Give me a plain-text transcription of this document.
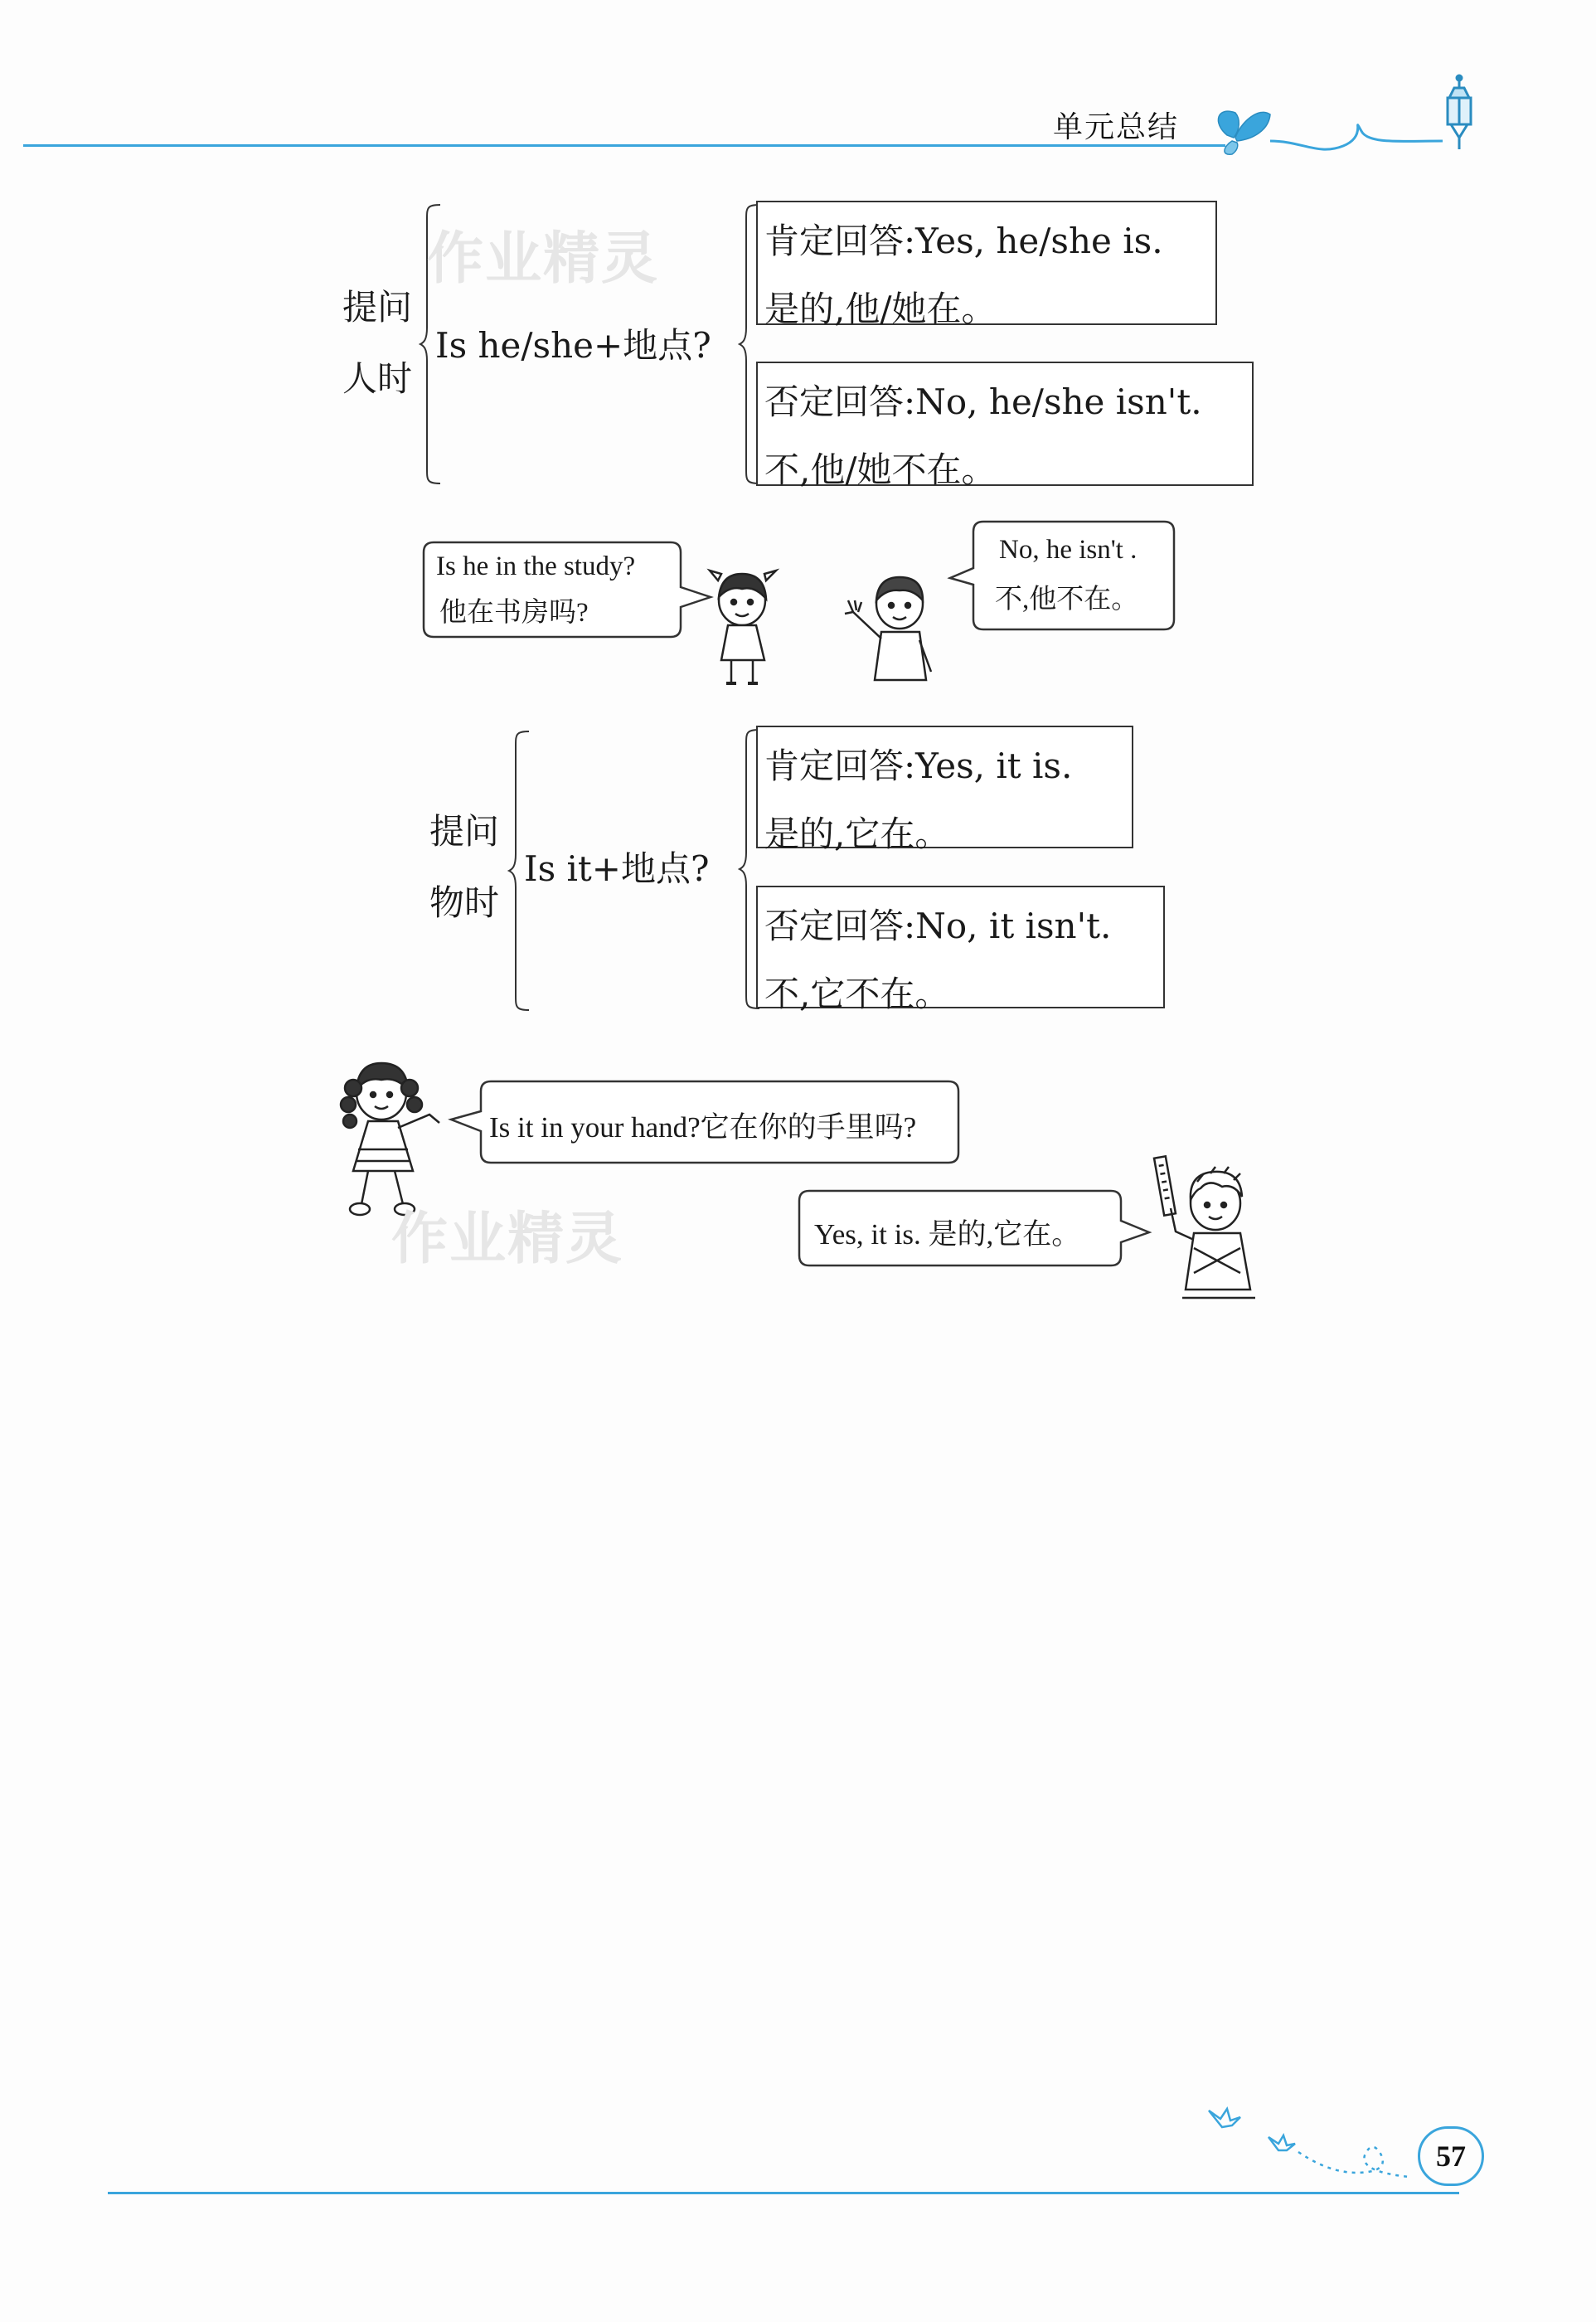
单元总结
提问
人时
Is he/she+地点?
肯定回答:Yes, he/she is.
是的,他/她在。
否定回答:No, he/she isn't.
不,他/她不在。
作业精灵
Is he in the study?
他在书房吗?
No, he isn't .
不,他不在。
提问
物时
Is it+地点?
肯定回答:Yes, it is.
是的,它在。
否定回答:No, it isn't.
不,它不在。
Is it in your hand?它在你的手里吗?
作业精灵	Yes, it is. 是的,它在。
57
